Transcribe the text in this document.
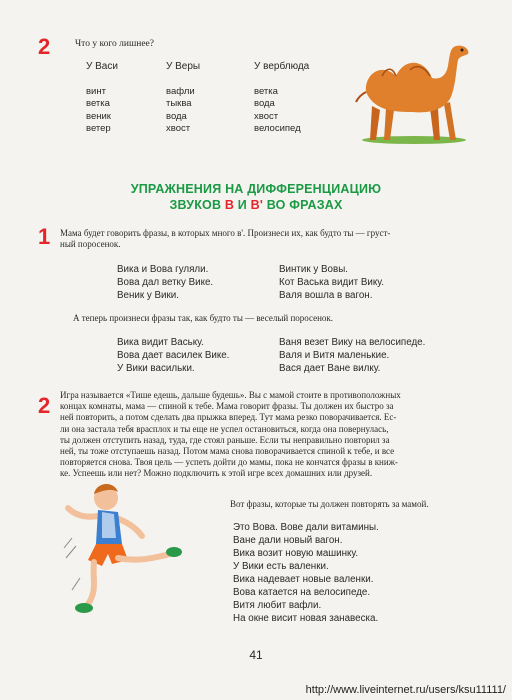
2	Что у кого лишнее?
У Васи
винт
ветка
веник
ветер
У Веры
вафли
тыква
вода
хвост
У верблюда
ветка
вода
хвост
велосипед
УПРАЖНЕНИЯ НА ДИФФЕРЕНЦИАЦИЮ
ЗВУКОВ В И В' ВО ФРАЗАХ
1 Мама будет говорить фразы, в которых много в'. Произнеси их, как будто ты — груст-
ный поросенок.
Вика и Вова гуляли.
Вова дал ветку Вике.
Веник у Вики.
Винтик у Вовы.
Кот Васька видит Вику.
Валя вошла в вагон.
А теперь произнеси фразы так, как будто ты — веселый поросенок.
Вика видит Ваську.
Вова дает василек Вике.
У Вики васильки.
Ваня везет Вику на велосипеде.
Валя и Витя маленькие.
Вася дает Ване вилку.
2 Игра называется «Тише едешь, дальше будешь». Вы с мамой стоите в противоположных
концах комнаты, мама — спиной к тебе. Мама говорит фразы. Ты должен их быстро за
ней повторить, а потом сделать два прыжка вперед. Тут мама резко поворачивается. Ес-
ли она застала тебя врасплох и ты еще не успел остановиться, когда она повернулась,
ты должен отступить назад, туда, где стоял раньше. Если ты неправильно повторил за
ней, ты тоже отступаешь назад. Потом мама снова поворачивается спиной к тебе, и все
повторяется снова. Твоя цель — успеть дойти до мамы, пока не кончатся фразы в книж-
ке. Успеешь или нет? Можно подключить к этой игре всех домашних или друзей.
Вот фразы, которые ты должен повторять за мамой.
Это Вова. Вове дали витамины.
Ване дали новый вагон.
Вика возит новую машинку.
У Вики есть валенки.
Вика надевает новые валенки.
Вова катается на велосипеде.
Витя любит вафли.
На окне висит новая занавеска.
41
http://www.liveinternet.ru/users/ksu11111/
